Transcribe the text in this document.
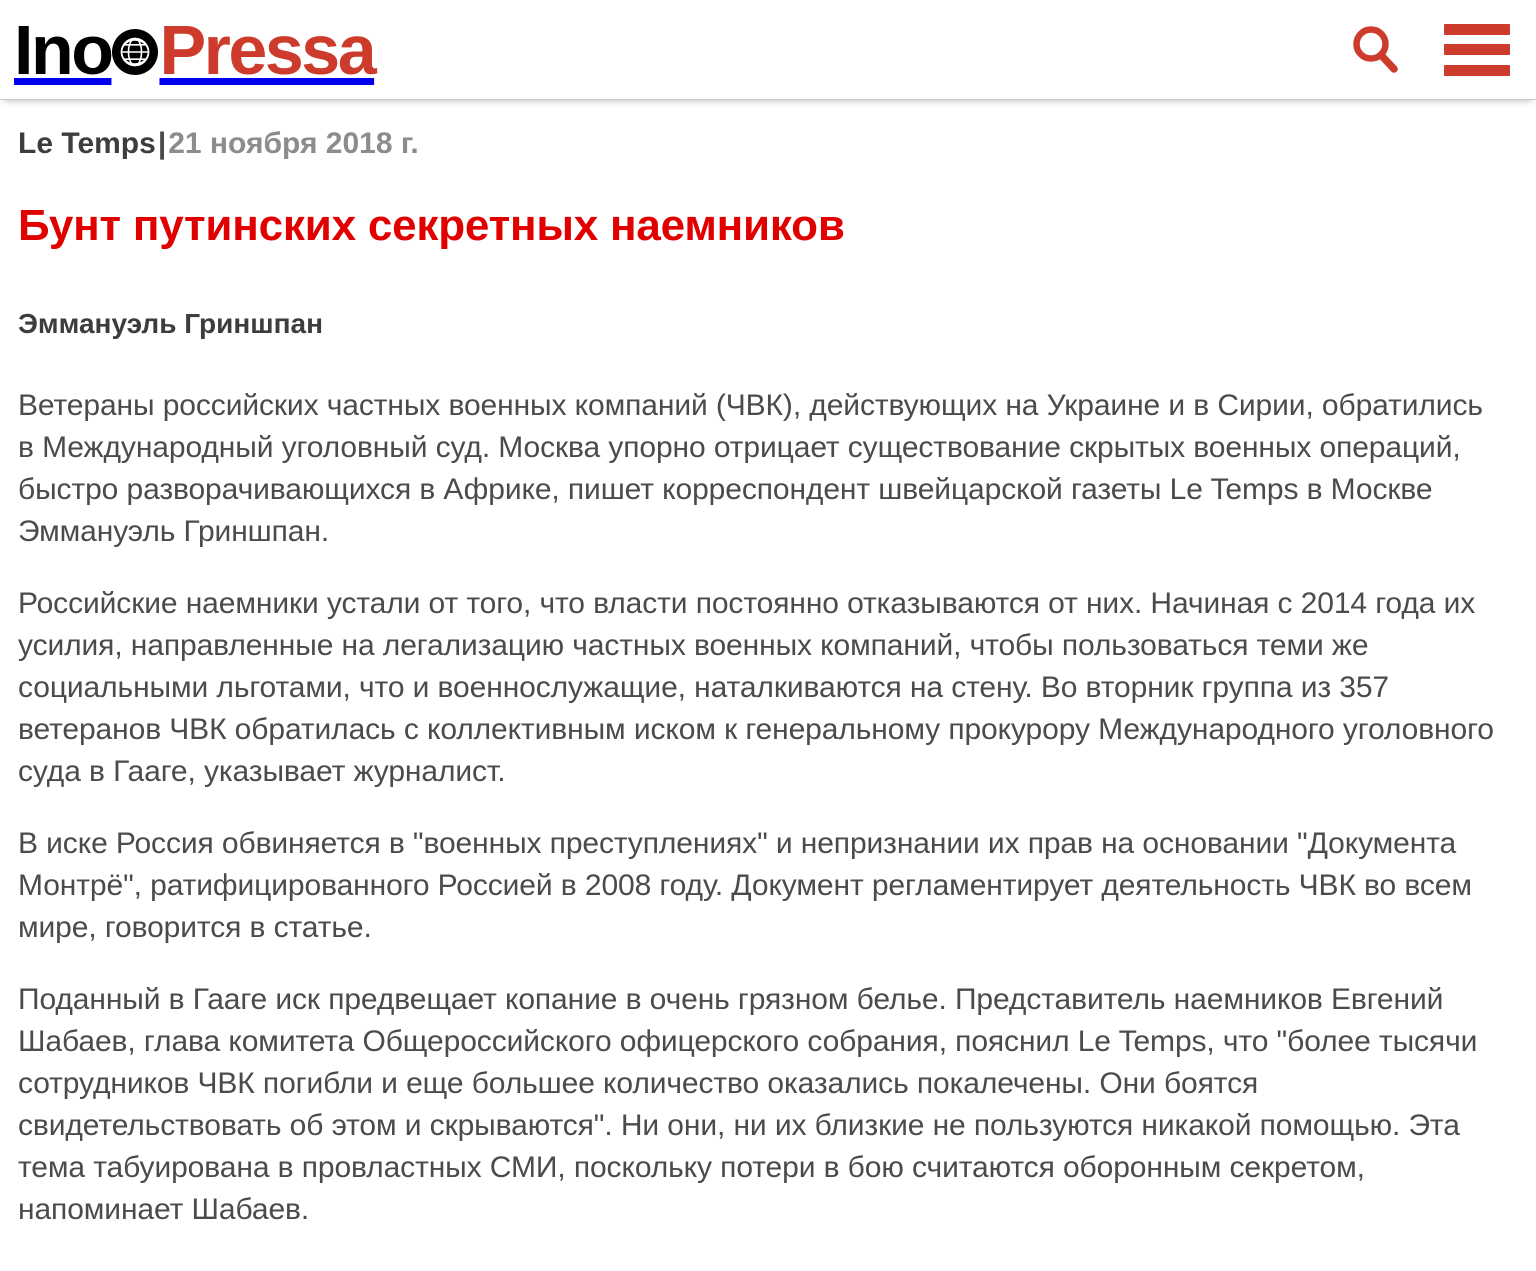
Ino Pressa
Le Temps|21 ноября 2018 г.
Бунт путинских секретных наемников
Эммануэль Гриншпан

Ветераны российских частных военных компаний (ЧВК), действующих на Украине и в Сирии, обратились в Международный уголовный суд. Москва упорно отрицает существование скрытых военных операций, быстро разворачивающихся в Африке, пишет корреспондент швейцарской газеты Le Temps в Москве Эммануэль Гриншпан.

Российские наемники устали от того, что власти постоянно отказываются от них. Начиная с 2014 года их усилия, направленные на легализацию частных военных компаний, чтобы пользоваться теми же социальными льготами, что и военнослужащие, наталкиваются на стену. Во вторник группа из 357 ветеранов ЧВК обратилась с коллективным иском к генеральному прокурору Международного уголовного суда в Гааге, указывает журналист.

В иске Россия обвиняется в "военных преступлениях" и непризнании их прав на основании "Документа Монтрё", ратифицированного Россией в 2008 году. Документ регламентирует деятельность ЧВК во всем мире, говорится в статье.

Поданный в Гааге иск предвещает копание в очень грязном белье. Представитель наемников Евгений Шабаев, глава комитета Общероссийского офицерского собрания, пояснил Le Temps, что "более тысячи сотрудников ЧВК погибли и еще большее количество оказались покалечены. Они боятся свидетельствовать об этом и скрываются". Ни они, ни их близкие не пользуются никакой помощью. Эта тема табуирована в провластных СМИ, поскольку потери в бою считаются оборонным секретом, напоминает Шабаев.
